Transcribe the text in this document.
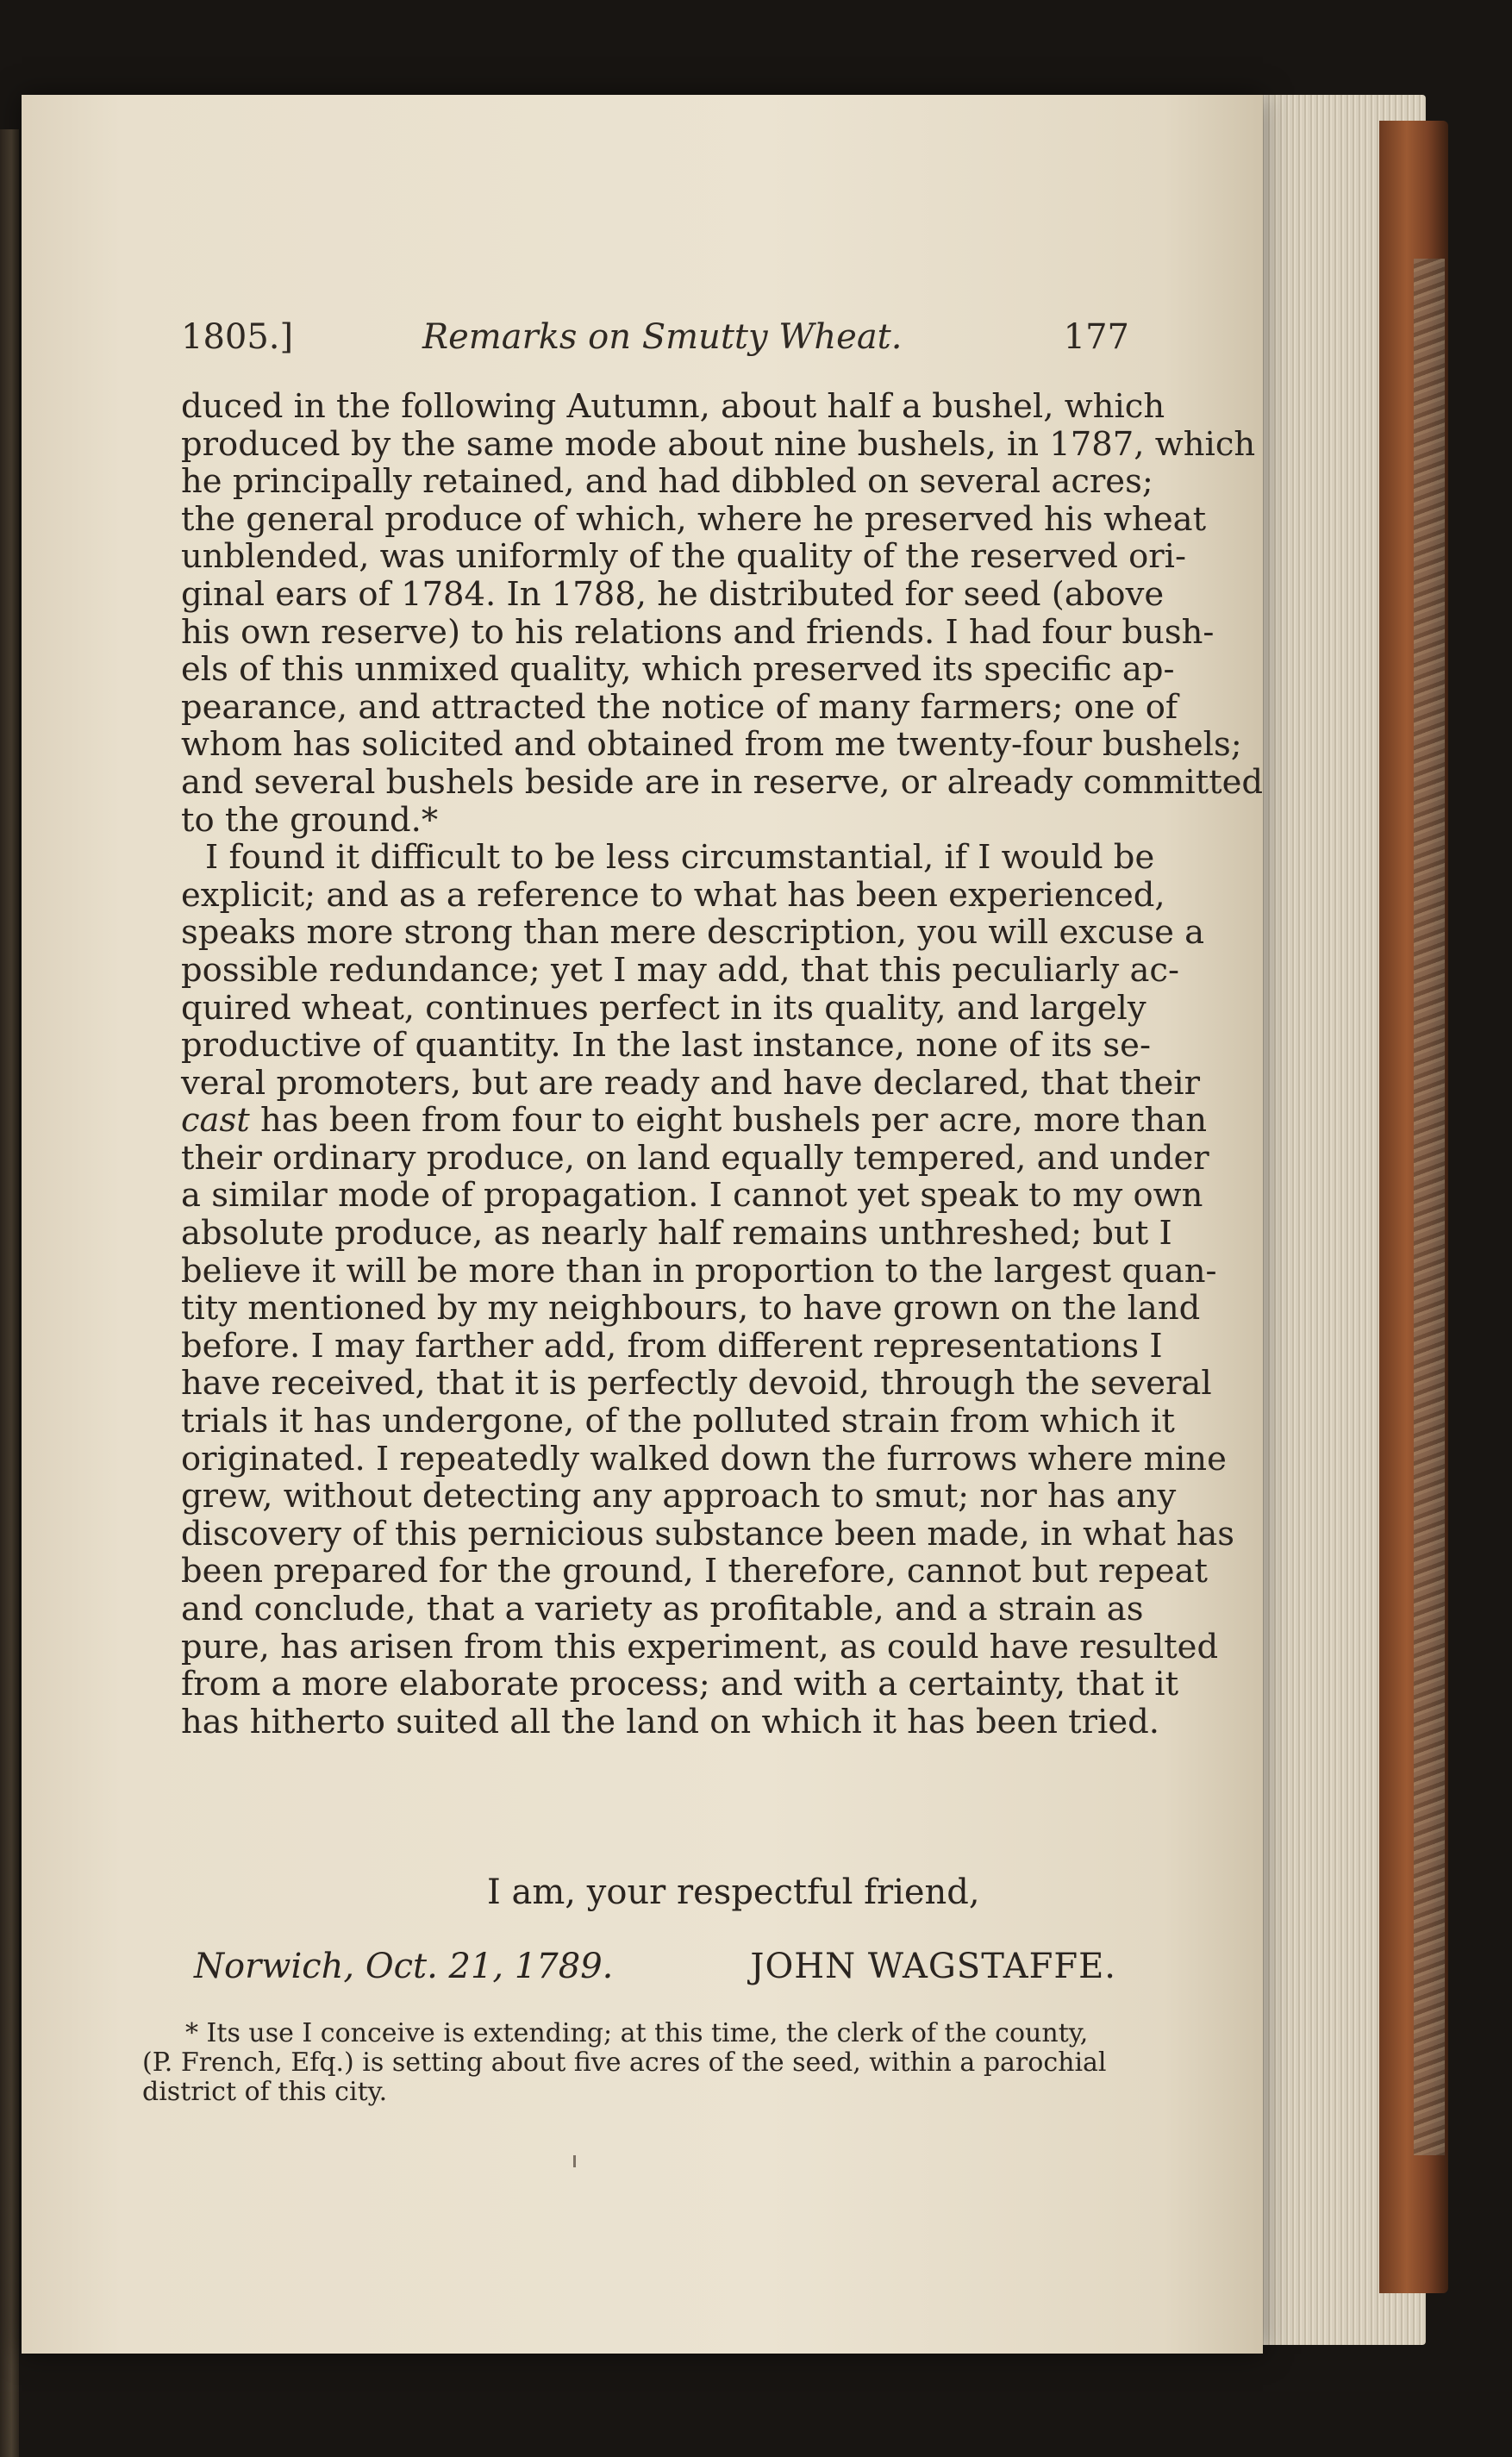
1805.]	Remarks on Smutty Wheat.	177
duced in the following Autumn, about half a bushel, which
produced by the same mode about nine bushels, in 1787, which
he principally retained, and had dibbled on several acres;
the general produce of which, where he preserved his wheat
unblended, was uniformly of the quality of the reserved ori-
ginal ears of 1784. In 1788, he distributed for seed (above
his own reserve) to his relations and friends. I had four bush-
els of this unmixed quality, which preserved its specific ap-
pearance, and attracted the notice of many farmers; one of
whom has solicited and obtained from me twenty-four bushels;
and several bushels beside are in reserve, or already committed
to the ground.*
I found it difficult to be less circumstantial, if I would be
explicit; and as a reference to what has been experienced,
speaks more strong than mere description, you will excuse a
possible redundance; yet I may add, that this peculiarly ac-
quired wheat, continues perfect in its quality, and largely
productive of quantity. In the last instance, none of its se-
veral promoters, but are ready and have declared, that their
cast has been from four to eight bushels per acre, more than
their ordinary produce, on land equally tempered, and under
a similar mode of propagation. I cannot yet speak to my own
absolute produce, as nearly half remains unthreshed; but I
believe it will be more than in proportion to the largest quan-
tity mentioned by my neighbours, to have grown on the land
before. I may farther add, from different representations I
have received, that it is perfectly devoid, through the several
trials it has undergone, of the polluted strain from which it
originated. I repeatedly walked down the furrows where mine
grew, without detecting any approach to smut; nor has any
discovery of this pernicious substance been made, in what has
been prepared for the ground, I therefore, cannot but repeat
and conclude, that a variety as profitable, and a strain as
pure, has arisen from this experiment, as could have resulted
from a more elaborate process; and with a certainty, that it
has hitherto suited all the land on which it has been tried.
I am, your respectful friend,
Norwich, Oct. 21, 1789.	JOHN WAGSTAFFE.
* Its use I conceive is extending; at this time, the clerk of the county,
(P. French, Efq.) is setting about five acres of the seed, within a parochial
district of this city.
